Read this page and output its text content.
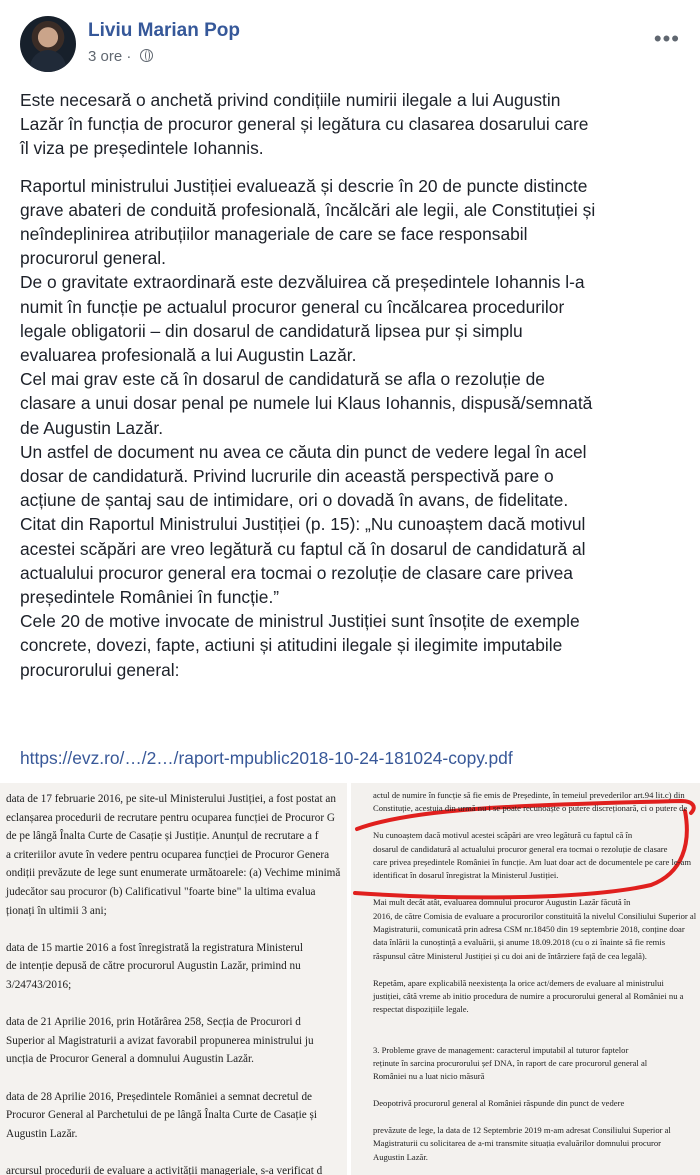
Liviu Marian Pop
3 ore ·
•••

Este necesară o anchetă privind condițiile numirii ilegale a lui Augustin
Lazăr în funcția de procuror general și legătura cu clasarea dosarului care
îl viza pe președintele Iohannis.

Raportul ministrului Justiției evaluează și descrie în 20 de puncte distincte
grave abateri de conduită profesională, încălcări ale legii, ale Constituției și
neîndeplinirea atribuțiilor manageriale de care se face responsabil
procurorul general.
De o gravitate extraordinară este dezvăluirea că președintele Iohannis l-a
numit în funcție pe actualul procuror general cu încălcarea procedurilor
legale obligatorii – din dosarul de candidatură lipsea pur și simplu
evaluarea profesională a lui Augustin Lazăr.
Cel mai grav este că în dosarul de candidatură se afla o rezoluție de
clasare a unui dosar penal pe numele lui Klaus Iohannis, dispusă/semnată
de Augustin Lazăr.
Un astfel de document nu avea ce căuta din punct de vedere legal în acel
dosar de candidatură. Privind lucrurile din această perspectivă pare o
acțiune de șantaj sau de intimidare, ori o dovadă în avans, de fidelitate.
Citat din Raportul Ministrului Justiției (p. 15): „Nu cunoaștem dacă motivul
acestei scăpări are vreo legătură cu faptul că în dosarul de candidatură al
actualului procuror general era tocmai o rezoluție de clasare care privea
președintele României în funcție.”
Cele 20 de motive invocate de ministrul Justiției sunt însoțite de exemple
concrete, dovezi, fapte, actiuni și atitudini ilegale și ilegimite imputabile
procurorului general:

https://evz.ro/…/2…/raport-mpublic2018-10-24-181024-copy.pdf
data de 17 februarie 2016, pe site-ul Ministerului Justiției, a fost postat an
eclanșarea procedurii de recrutare pentru ocuparea funcției de Procuror G
de pe lângă Înalta Curte de Casație și Justiție. Anunțul de recrutare a f
a criteriilor avute în vedere pentru ocuparea funcției de Procuror Genera
ondiții prevăzute de lege sunt enumerate următoarele: (a) Vechime minimă
judecător sau procuror (b) Calificativul "foarte bine" la ultima evalua
ționați în ultimii 3 ani;
data de 15 martie 2016 a fost înregistrată la registratura Ministerul
de intenție depusă de către procurorul Augustin Lazăr, primind nu
3/24743/2016;
data de 21 Aprilie 2016, prin Hotărârea 258, Secția de Procurori d
Superior al Magistraturii a avizat favorabil propunerea ministrului ju
uncția de Procuror General a domnului Augustin Lazăr.
data de 28 Aprilie 2016, Președintele României a semnat decretul de
Procuror General al Parchetului de pe lângă Înalta Curte de Casație și
Augustin Lazăr.
arcursul procedurii de evaluare a activității manageriale, s-a verificat d
actul de numire în funcție să fie emis de Președinte, în temeiul prevederilor art.94 lit.c) din
Constituție, acestuia din urmă nu i se poate recunoaște o putere discreționară, ci o putere de
Nu cunoaștem dacă motivul acestei scăpări are vreo legătură cu faptul că în
dosarul de candidatură al actualului procuror general era tocmai o rezoluție de clasare
care privea președintele României în funcție. Am luat doar act de documentele pe care le-am
identificat în dosarul înregistrat la Ministerul Justiției.
Mai mult decât atât, evaluarea domnului procuror Augustin Lazăr făcută în
2016, de către Comisia de evaluare a procurorilor constituită la nivelul Consiliului Superior al
Magistraturii, comunicată prin adresa CSM nr.18450 din 19 septembrie 2018, conține doar
data înlării la cunoștință a evaluării, și anume 18.09.2018 (cu o zi înainte să fie remis
răspunsul către Ministerul Justiției și cu doi ani de întârziere față de cea legală).
Repetăm, apare explicabilă neexistența la orice act/demers de evaluare al ministrului
justiției, câtă vreme ab initio procedura de numire a procurorului general al României nu a
respectat dispozițiile legale.
3. Probleme grave de management: caracterul imputabil al tuturor faptelor
reținute în sarcina procurorului șef DNA, în raport de care procurorul general al
României nu a luat nicio măsură
Deopotrivă procurorul general al României răspunde din punct de vedere
prevăzute de lege, la data de 12 Septembrie 2019 m-am adresat Consiliului Superior al
Magistraturii cu solicitarea de a-mi transmite situația evaluărilor domnului procuror
Augustin Lazăr.
